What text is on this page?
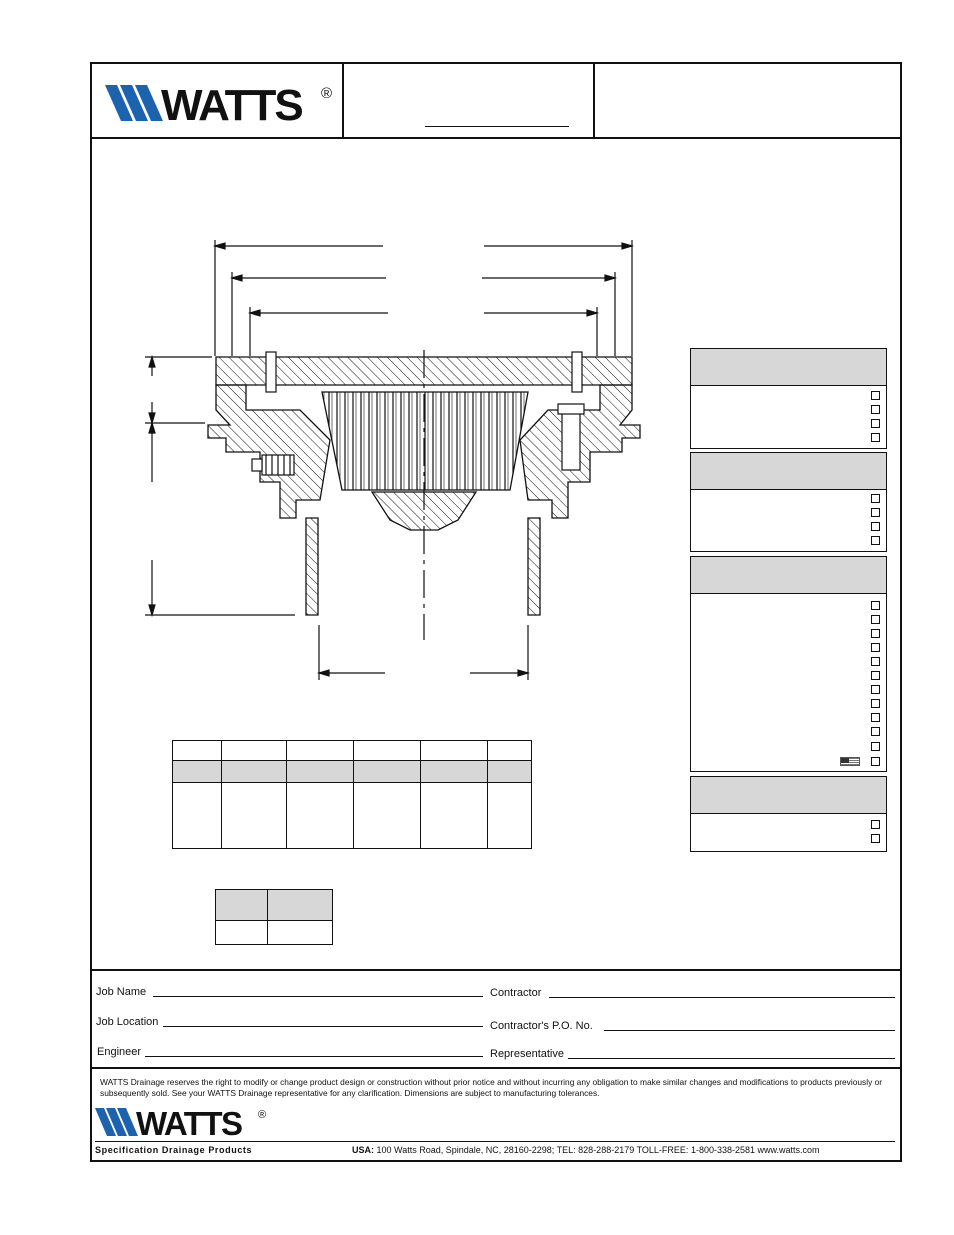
WATTS ®

Job Name
Job Location
Engineer
Contractor
Contractor's P.O. No.
Representative
WATTS Drainage reserves the right to modify or change product design or construction without prior notice and without incurring any obligation to make similar changes and modifications to products previously or subsequently sold. See your WATTS Drainage representative for any clarification. Dimensions are subject to manufacturing tolerances.
WATTS ®
Specification Drainage Products	USA: 100 Watts Road, Spindale, NC, 28160-2298; TEL: 828-288-2179 TOLL-FREE: 1-800-338-2581 www.watts.com
